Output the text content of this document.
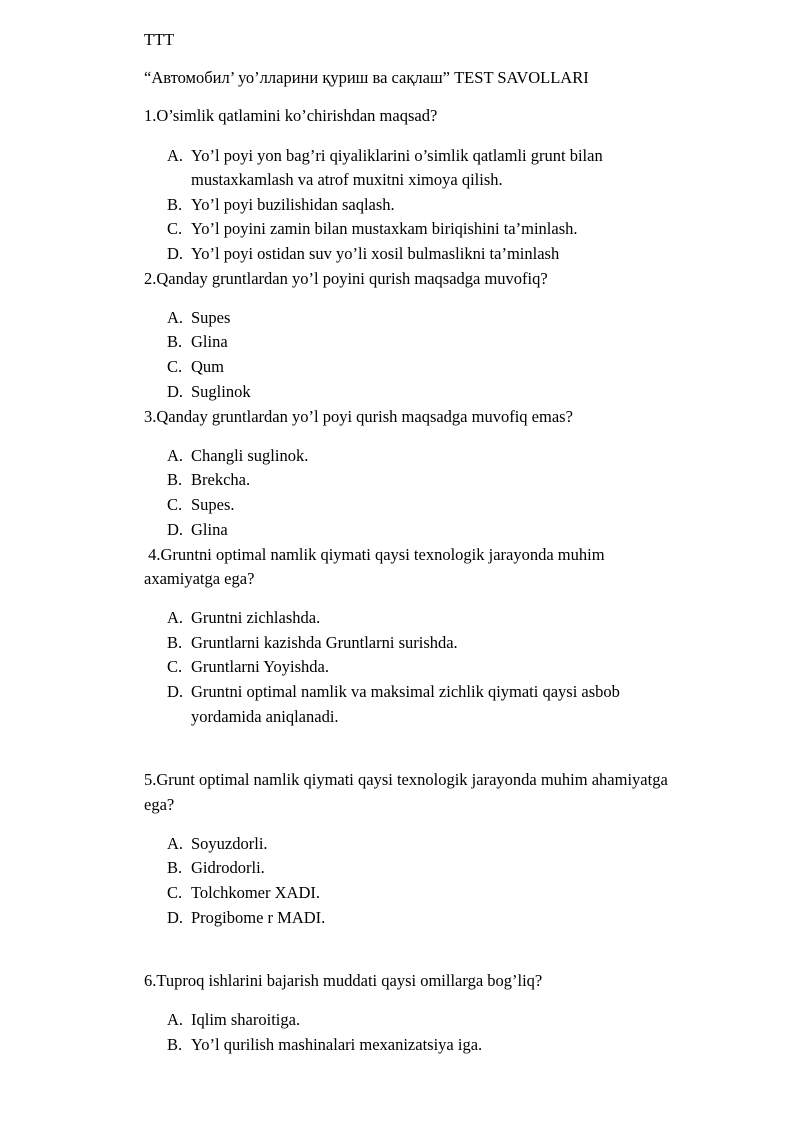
TTT
“Автомобил’ уо’лларини қуриш ва сақлаш” TEST SAVOLLARI
1.O’simlik qatlamini ko’chirishdan maqsad?
A. Yo’l poyi yon bag’ri qiyaliklarini o’simlik qatlamli grunt bilan
mustaxkamlash va atrof muxitni ximoya qilish.
B. Yo’l poyi buzilishidan saqlash.
C. Yo’l poyini zamin bilan mustaxkam biriqishini ta’minlash.
D. Yo’l poyi ostidan suv yo’li xosil bulmaslikni ta’minlash
2.Qanday gruntlardan yo’l poyini qurish maqsadga muvofiq?
A. Supes
B. Glina
C. Qum
D. Suglinok
3.Qanday gruntlardan yo’l poyi qurish maqsadga muvofiq emas?
A. Changli suglinok.
B. Brekcha.
C. Supes.
D. Glina
4.Gruntni optimal namlik qiymati qaysi texnologik jarayonda muhim
axamiyatga ega?
A. Gruntni zichlashda.
B. Gruntlarni kazishda Gruntlarni surishda.
C. Gruntlarni Yoyishda.
D. Gruntni optimal namlik va maksimal zichlik qiymati qaysi asbob
yordamida aniqlanadi.
5.Grunt optimal namlik qiymati qaysi texnologik jarayonda muhim ahamiyatga
ega?
A. Soyuzdorli.
B. Gidrodorli.
C. Tolchkomer XADI.
D. Progibome r MADI.
6.Tuproq ishlarini bajarish muddati qaysi omillarga bog’liq?
A. Iqlim sharoitiga.
B. Yo’l qurilish mashinalari mexanizatsiya iga.
